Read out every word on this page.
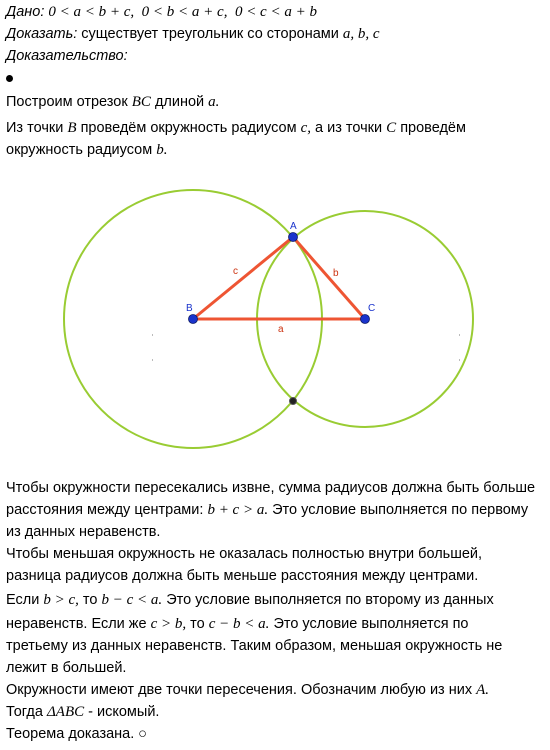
Дано: 0 < a < b + c,  0 < b < a + c,  0 < c < a + b
Доказать: существует треугольник со сторонами a, b, c
Доказательство:
Построим отрезок BC длиной a.
Из точки B проведём окружность радиусом c, а из точки C проведём
окружность радиусом b.
A
B	C
a
b
c
Чтобы окружности пересекались извне, сумма радиусов должна быть больше
расстояния между центрами: b + c > a. Это условие выполняется по первому
из данных неравенств.
Чтобы меньшая окружность не оказалась полностью внутри большей,
разница радиусов должна быть меньше расстояния между центрами.
Если b > c, то b − c < a. Это условие выполняется по второму из данных
неравенств. Если же c > b, то c − b < a. Это условие выполняется по
третьему из данных неравенств. Таким образом, меньшая окружность не
лежит в большей.
Окружности имеют две точки пересечения. Обозначим любую из них A.
Тогда ΔABC - искомый.
Теорема доказана. ○
